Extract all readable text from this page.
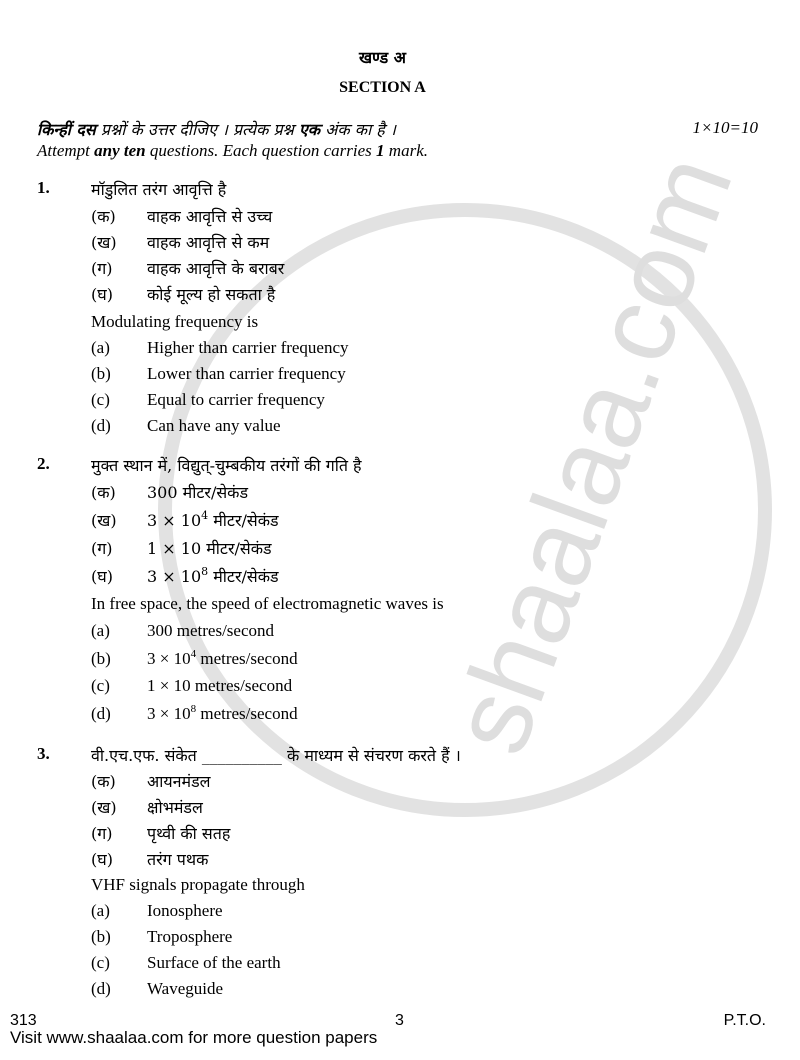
shaalaa.com
खण्ड अ
SECTION A
किन्हीं दस प्रश्नों के उत्तर दीजिए । प्रत्येक प्रश्न एक अंक का है ।	1×10=10
Attempt any ten questions. Each question carries 1 mark.
1.	मॉडुलित तरंग आवृत्ति है
(क) वाहक आवृत्ति से उच्च
(ख) वाहक आवृत्ति से कम
(ग) वाहक आवृत्ति के बराबर
(घ) कोई मूल्य हो सकता है
Modulating frequency is
(a) Higher than carrier frequency
(b) Lower than carrier frequency
(c) Equal to carrier frequency
(d) Can have any value
2.	मुक्त स्थान में, विद्युत्-चुम्बकीय तरंगों की गति है
(क) 300 मीटर/सेकंड
(ख) $3 \times 10^4$ मीटर/सेकंड
(ग) 1 × 10 मीटर/सेकंड
(घ) $3 \times 10^8$ मीटर/सेकंड
In free space, the speed of electromagnetic waves is
(a) 300 metres/second
(b) $3 \times 10^4$ metres/second
(c) 1 × 10 metres/second
(d) $3 \times 10^8$ metres/second
3.	वी.एच.एफ. संकेत __________ के माध्यम से संचरण करते हैं ।
(क) आयनमंडल
(ख) क्षोभमंडल
(ग) पृथ्वी की सतह
(घ) तरंग पथक
VHF signals propagate through
(a) Ionosphere
(b) Troposphere
(c) Surface of the earth
(d) Waveguide
313	3	P.T.O.
Visit www.shaalaa.com for more question papers
